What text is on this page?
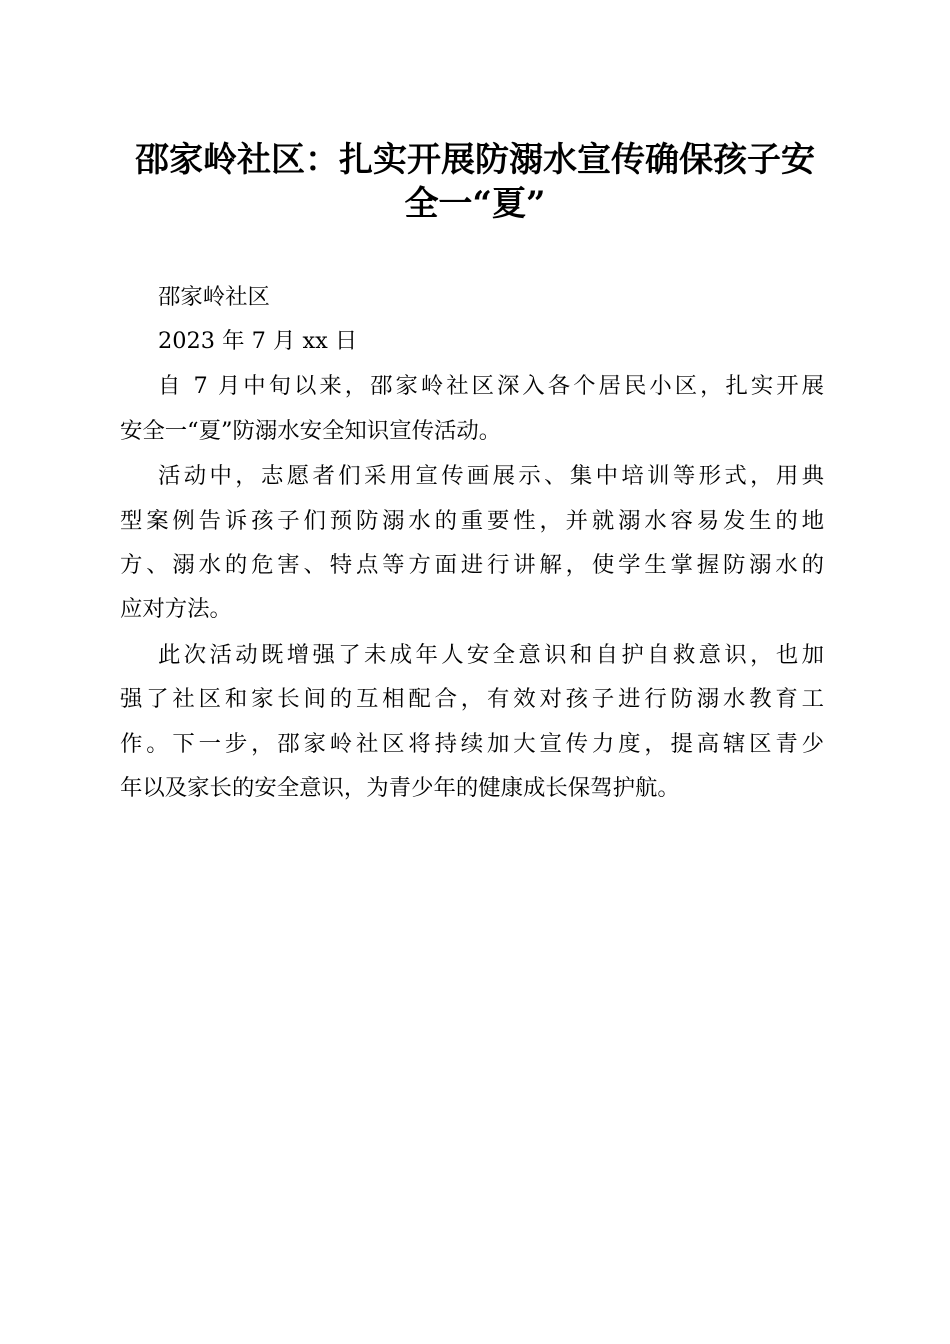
邵家岭社区：扎实开展防溺水宣传确保孩子安
全一“夏”

邵家岭社区

2023 年 7 月 xx 日

自 7 月中旬以来，邵家岭社区深入各个居民小区，扎实开展

安全一“夏”防溺水安全知识宣传活动。

活动中，志愿者们采用宣传画展示、集中培训等形式，用典

型案例告诉孩子们预防溺水的重要性，并就溺水容易发生的地

方、溺水的危害、特点等方面进行讲解，使学生掌握防溺水的

应对方法。

此次活动既增强了未成年人安全意识和自护自救意识，也加

强了社区和家长间的互相配合，有效对孩子进行防溺水教育工

作。下一步，邵家岭社区将持续加大宣传力度，提高辖区青少

年以及家长的安全意识，为青少年的健康成长保驾护航。
